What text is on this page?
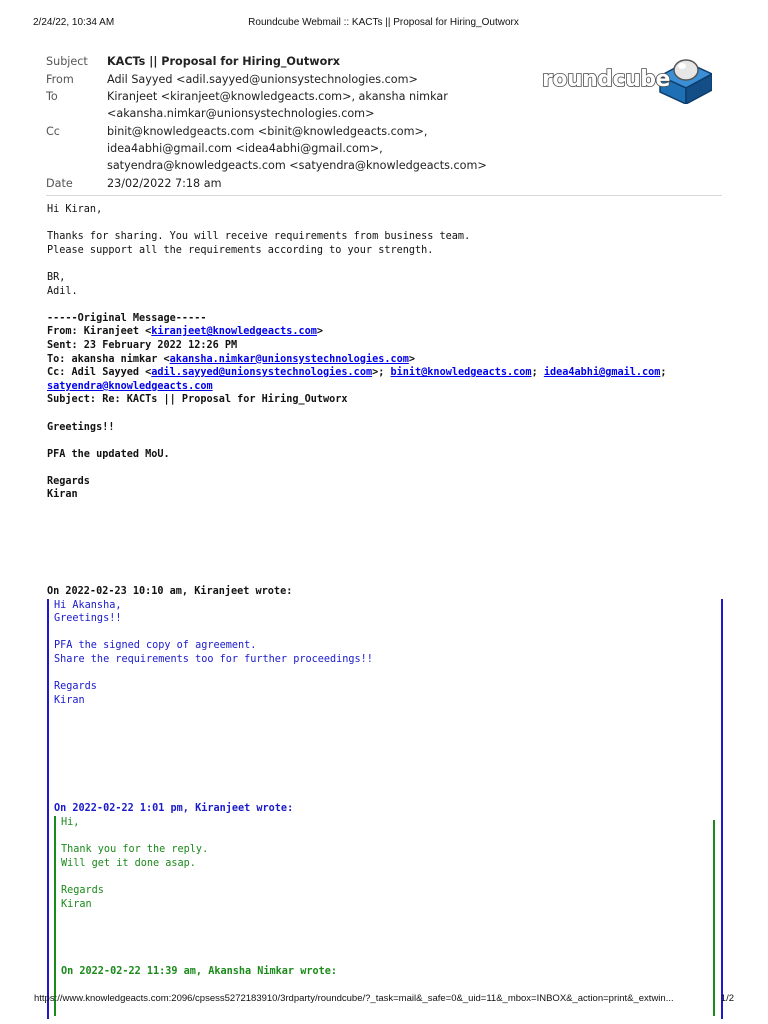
2/24/22, 10:34 AM	Roundcube Webmail :: KACTs || Proposal for Hiring_Outworx
Subject	KACTs || Proposal for Hiring_Outworx
From	Adil Sayyed <adil.sayyed@unionsystechnologies.com>
To	Kiranjeet <kiranjeet@knowledgeacts.com>, akansha nimkar
<akansha.nimkar@unionsystechnologies.com>
Cc	binit@knowledgeacts.com <binit@knowledgeacts.com>,
idea4abhi@gmail.com <idea4abhi@gmail.com>,
satyendra@knowledgeacts.com <satyendra@knowledgeacts.com>
Date	23/02/2022 7:18 am
roundcube

Hi Kiran,

Thanks for sharing. You will receive requirements from business team.

Please support all the requirements according to your strength.

BR,

Adil.

-----Original Message-----

From: Kiranjeet <kiranjeet@knowledgeacts.com>

Sent: 23 February 2022 12:26 PM

To: akansha nimkar <akansha.nimkar@unionsystechnologies.com>

Cc: Adil Sayyed <adil.sayyed@unionsystechnologies.com>; binit@knowledgeacts.com; idea4abhi@gmail.com;

satyendra@knowledgeacts.com

Subject: Re: KACTs || Proposal for Hiring_Outworx

Greetings!!

PFA the updated MoU.

Regards

Kiran

On 2022-02-23 10:10 am, Kiranjeet wrote:

Hi Akansha,

Greetings!!

PFA the signed copy of agreement.

Share the requirements too for further proceedings!!

Regards

Kiran

On 2022-02-22 1:01 pm, Kiranjeet wrote:

Hi,

Thank you for the reply.

Will get it done asap.

Regards

Kiran

On 2022-02-22 11:39 am, Akansha Nimkar wrote:

https://www.knowledgeacts.com:2096/cpsess5272183910/3rdparty/roundcube/?_task=mail&_safe=0&_uid=11&_mbox=INBOX&_action=print&_extwin...	1/2
